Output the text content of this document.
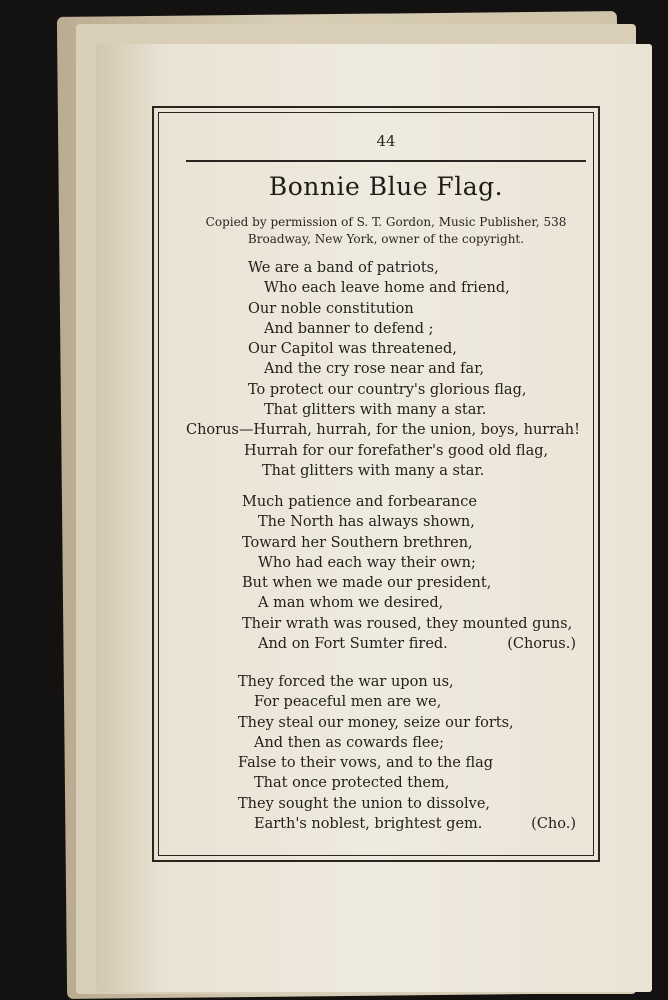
44
Bonnie Blue Flag.
Copied by permission of S. T. Gordon, Music Publisher, 538 Broadway, New York, owner of the copyright.
We are a band of patriots,
Who each leave home and friend,
Our noble constitution
And banner to defend ;
Our Capitol was threatened,
And the cry rose near and far,
To protect our country's glorious flag,
That glitters with many a star.
Chorus—Hurrah, hurrah, for the union, boys, hurrah!
Hurrah for our forefather's good old flag,
That glitters with many a star.
Much patience and forbearance
The North has always shown,
Toward her Southern brethren,
Who had each way their own;
But when we made our president,
A man whom we desired,
Their wrath was roused, they mounted guns,
And on Fort Sumter fired.	(Chorus.)
They forced the war upon us,
For peaceful men are we,
They steal our money, seize our forts,
And then as cowards flee;
False to their vows, and to the flag
That once protected them,
They sought the union to dissolve,
Earth's noblest, brightest gem.	(Cho.)
